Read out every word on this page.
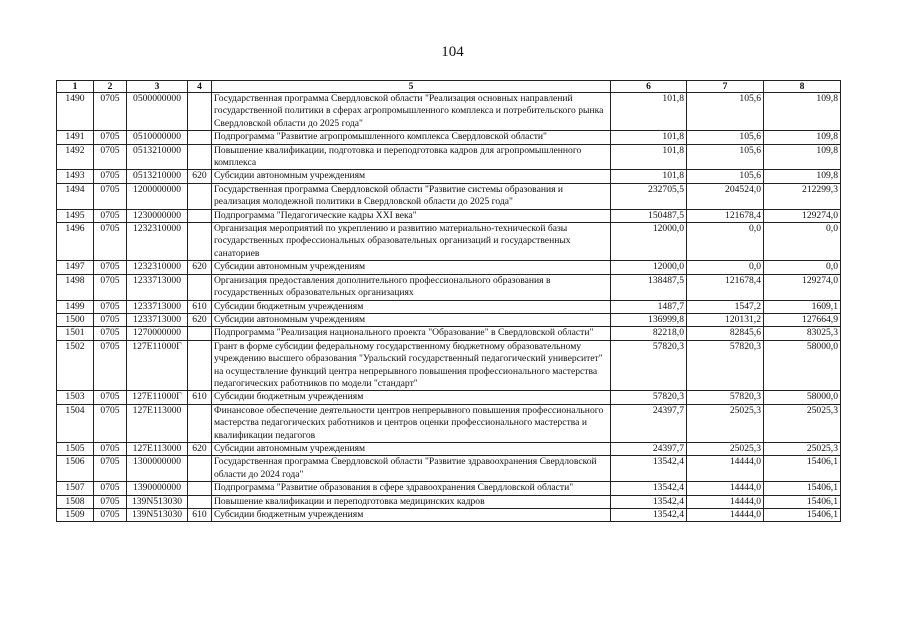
104
1	2	3	4	5	6	7	8
1490	0705	0500000000		Государственная программа Свердловской области "Реализация основных направлений государственной политики в сферах агропромышленного комплекса и потребительского рынка Свердловской области до 2025 года"	101,8	105,6	109,8
1491	0705	0510000000		Подпрограмма "Развитие агропромышленного комплекса Свердловской области"	101,8	105,6	109,8
1492	0705	0513210000		Повышение квалификации, подготовка и переподготовка кадров для агропромышленного комплекса	101,8	105,6	109,8
1493	0705	0513210000	620	Субсидии автономным учреждениям	101,8	105,6	109,8
1494	0705	1200000000		Государственная программа Свердловской области "Развитие системы образования и реализация молодежной политики в Свердловской области до 2025 года"	232705,5	204524,0	212299,3
1495	0705	1230000000		Подпрограмма "Педагогические кадры XXI века"	150487,5	121678,4	129274,0
1496	0705	1232310000		Организация мероприятий по укреплению и развитию материально-технической базы государственных профессиональных образовательных организаций и государственных санаториев	12000,0	0,0	0,0
1497	0705	1232310000	620	Субсидии автономным учреждениям	12000,0	0,0	0,0
1498	0705	1233713000		Организация предоставления дополнительного профессионального образования в государственных образовательных организациях	138487,5	121678,4	129274,0
1499	0705	1233713000	610	Субсидии бюджетным учреждениям	1487,7	1547,2	1609,1
1500	0705	1233713000	620	Субсидии автономным учреждениям	136999,8	120131,2	127664,9
1501	0705	1270000000		Подпрограмма "Реализация национального проекта "Образование" в Свердловской области"	82218,0	82845,6	83025,3
1502	0705	127E11000Г		Грант в форме субсидии федеральному государственному бюджетному образовательному учреждению высшего образования "Уральский государственный педагогический университет" на осуществление функций центра непрерывного повышения профессионального мастерства педагогических работников по модели "стандарт"	57820,3	57820,3	58000,0
1503	0705	127E11000Г	610	Субсидии бюджетным учреждениям	57820,3	57820,3	58000,0
1504	0705	127E113000		Финансовое обеспечение деятельности центров непрерывного повышения профессионального мастерства педагогических работников и центров оценки профессионального мастерства и квалификации педагогов	24397,7	25025,3	25025,3
1505	0705	127E113000	620	Субсидии автономным учреждениям	24397,7	25025,3	25025,3
1506	0705	1300000000		Государственная программа Свердловской области "Развитие здравоохранения Свердловской области до 2024 года"	13542,4	14444,0	15406,1
1507	0705	1390000000		Подпрограмма "Развитие образования в сфере здравоохранения Свердловской области"	13542,4	14444,0	15406,1
1508	0705	139N513030		Повышение квалификации и переподготовка медицинских кадров	13542,4	14444,0	15406,1
1509	0705	139N513030	610	Субсидии бюджетным учреждениям	13542,4	14444,0	15406,1
